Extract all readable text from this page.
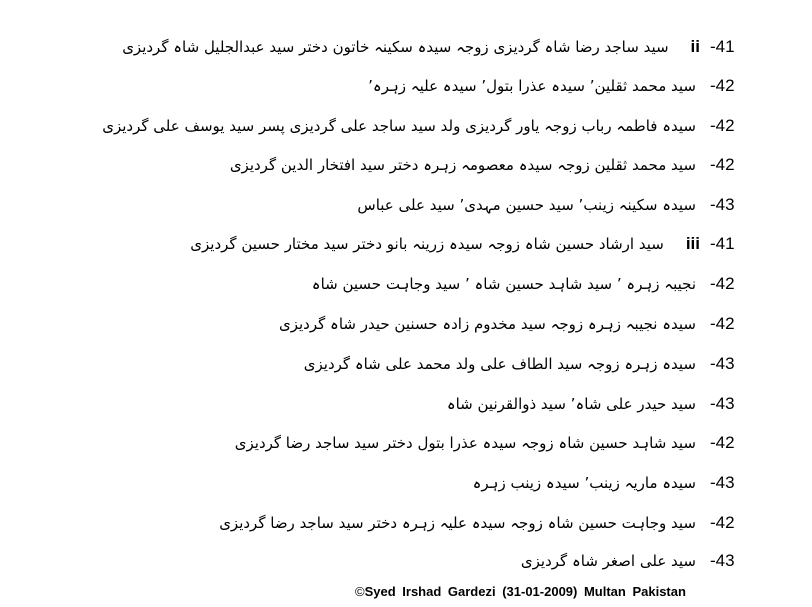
-41
ii
سید ساجد رضا شاہ گردیزی زوجہ سیدہ سکینہ خاتون دختر سید عبدالجلیل شاہ گردیزی
-42
سید محمد ثقلین٬ سیدہ عذرا بتول٬ سیدہ علیہ زہرہ٬
-42
سیدہ فاطمہ رباب زوجہ یاور گردیزی ولد سید ساجد علی گردیزی پسر سید یوسف علی گردیزی
-42
سید محمد ثقلین زوجہ سیدہ معصومہ زہرہ دختر سید افتخار الدین گردیزی
-43
سیدہ سکینہ زینب٬ سید حسین مہدی٬ سید علی عباس
-41
iii
سید ارشاد حسین شاہ زوجہ سیدہ زرینہ بانو دختر سید مختار حسین گردیزی
-42
نجیبہ زہرہ ٬ سید شاہد حسین شاہ ٬ سید وجاہت حسین شاہ
-42
سیدہ نجیبہ زہرہ زوجہ سید مخدوم زادہ حسنین حیدر شاہ گردیزی
-43
سیدہ زہرہ زوجہ سید الطاف علی ولد محمد علی شاہ گردیزی
-43
سید حیدر علی شاہ٬ سید ذوالقرنین شاہ
-42
سید شاہد حسین شاہ زوجہ سیدہ عذرا بتول دختر سید ساجد رضا گردیزی
-43
سیدہ ماریہ زینب٬ سیدہ زینب زہرہ
-42
سید وجاہت حسین شاہ زوجہ سیدہ علیہ زہرہ دختر سید ساجد رضا گردیزی
-43
سید علی اصغر شاہ گردیزی
©Syed Irshad Gardezi (31-01-2009) Multan Pakistan
